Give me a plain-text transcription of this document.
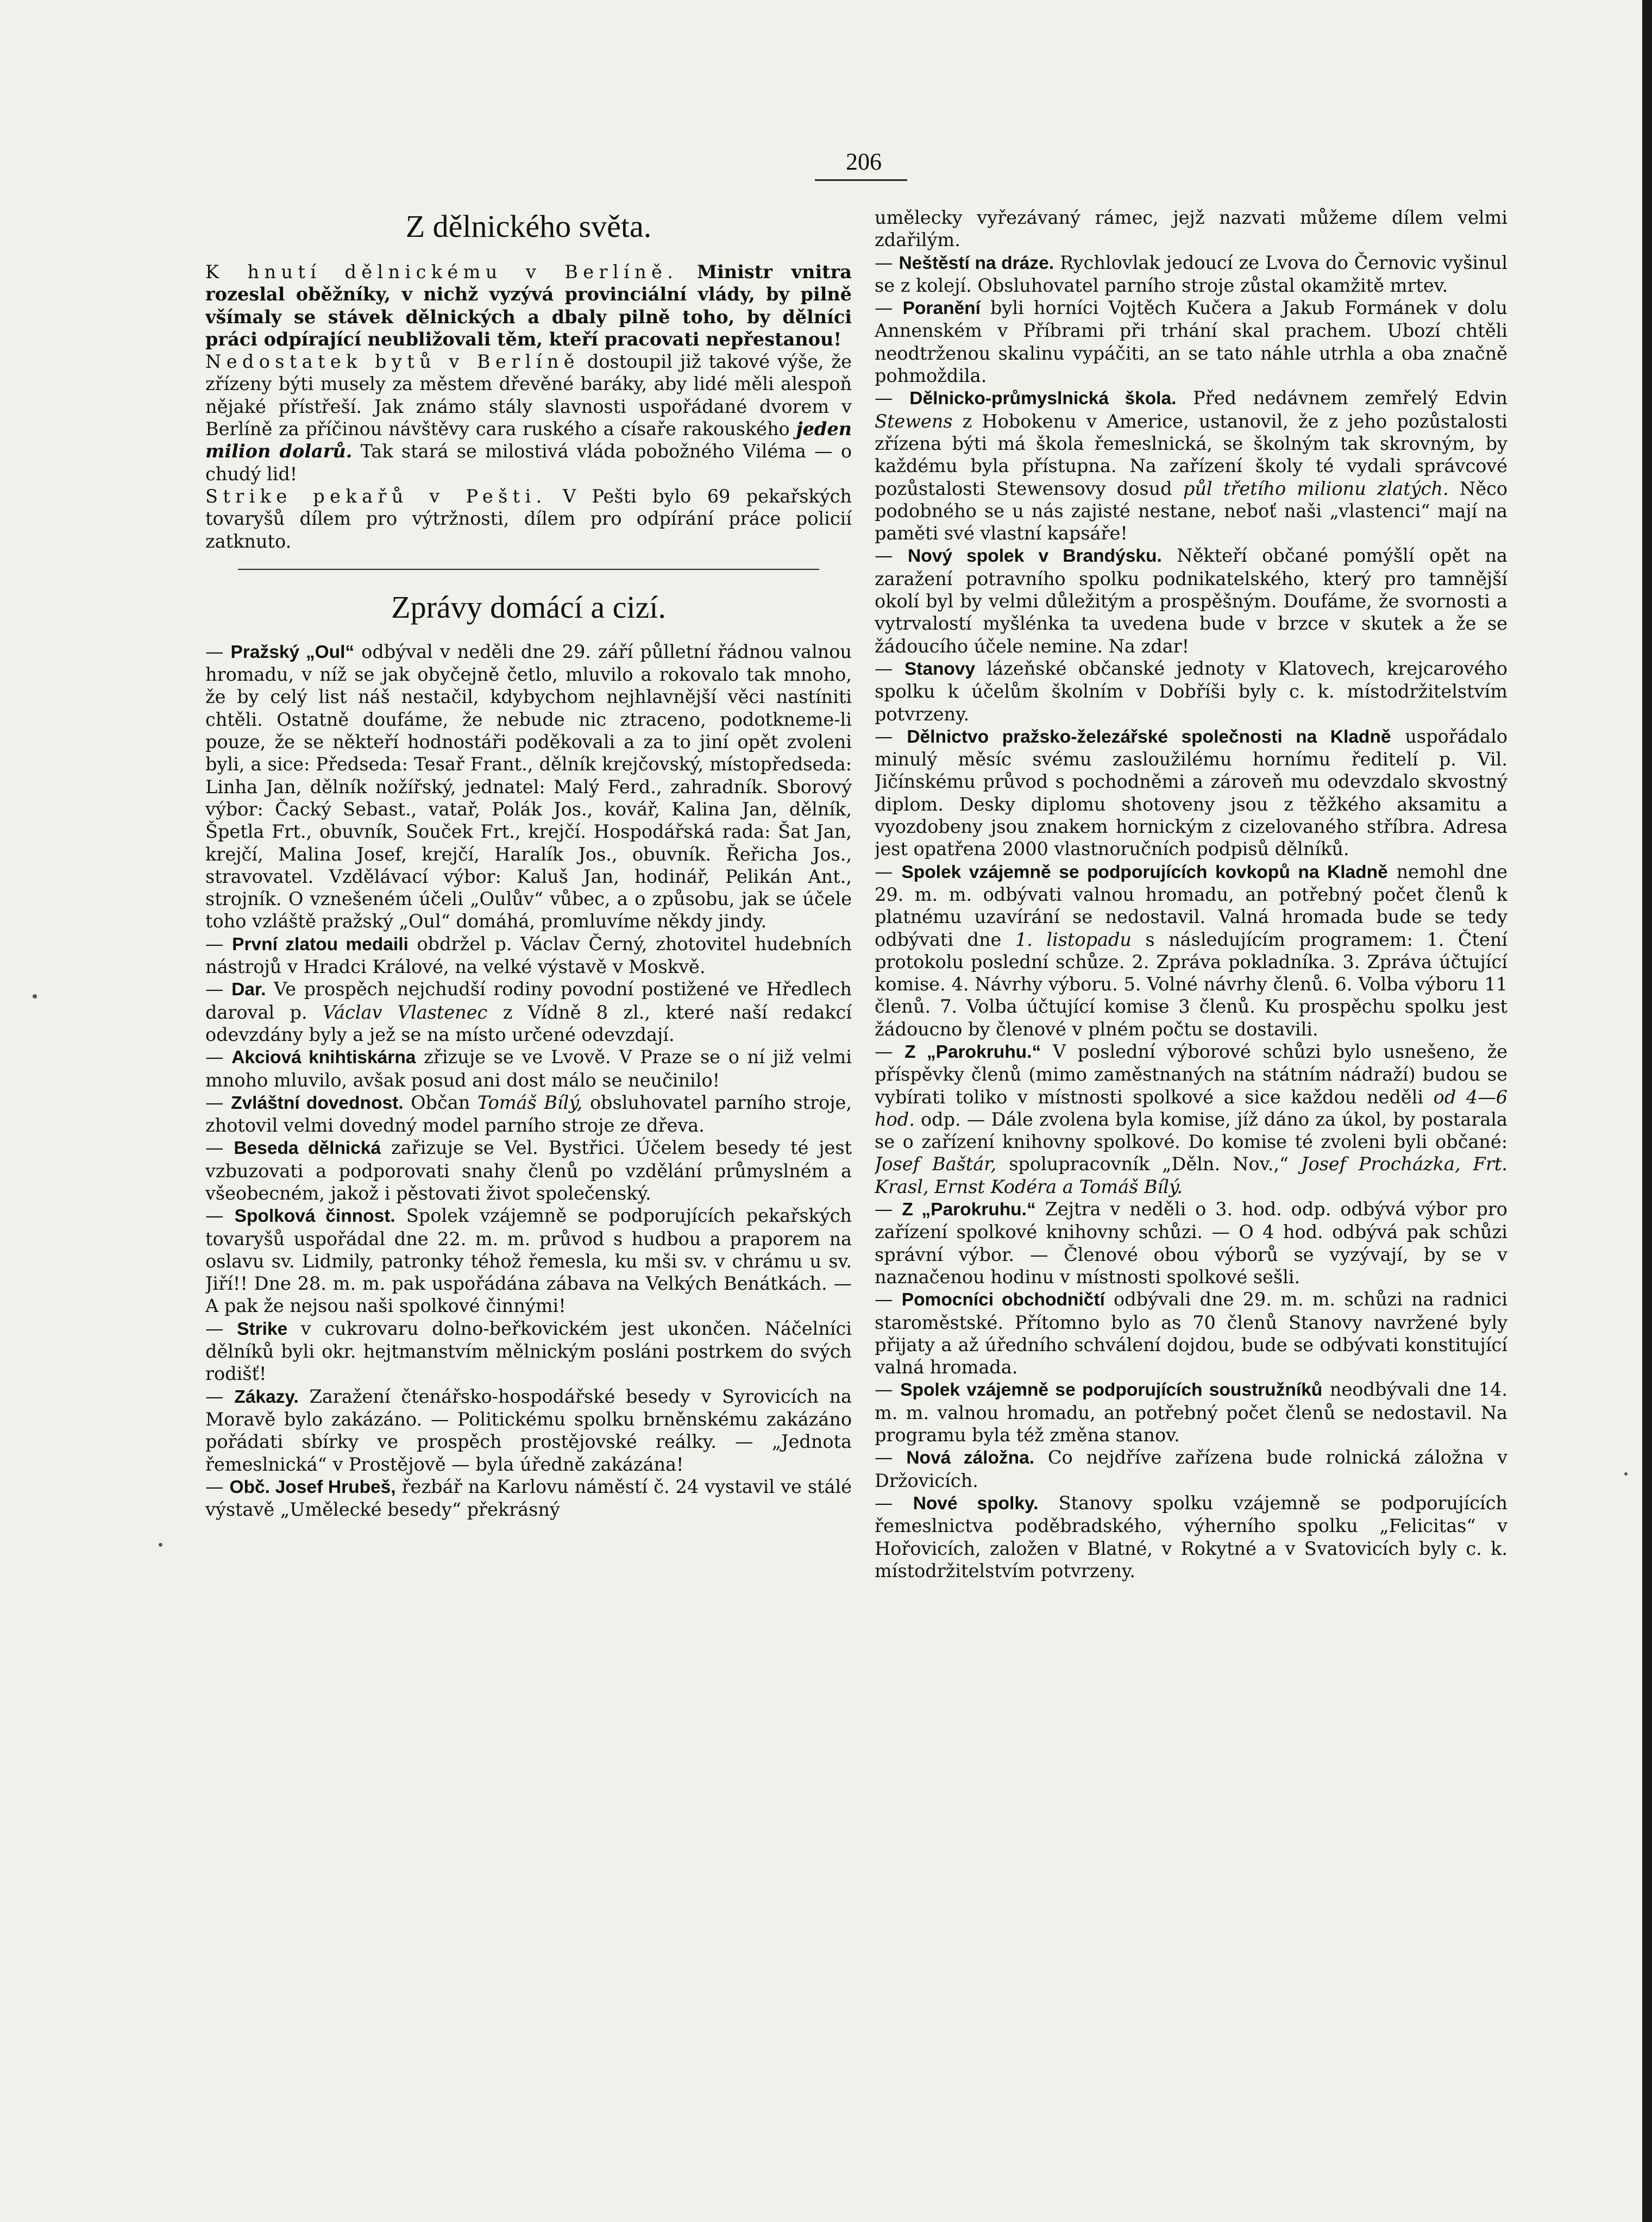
206
Z dělnického světa.

K hnutí dělnickému v Berlíně. Ministr vnitra rozeslal oběžníky, v nichž vyzývá provinciální vlády, by pilně všímaly se stávek dělnických a dbaly pilně toho, by dělníci práci odpírající neubližovali těm, kteří pracovati nepřestanou!

Nedostatek bytů v Berlíně dostoupil již takové výše, že zřízeny býti musely za městem dřevěné baráky, aby lidé měli alespoň nějaké přístřeší. Jak známo stály slavnosti uspořádané dvorem v Berlíně za příčinou návštěvy cara ruského a císaře rakouského jeden milion dolarů. Tak stará se milostivá vláda pobožného Viléma — o chudý lid!

Strike pekařů v Pešti. V Pešti bylo 69 pekařských tovaryšů dílem pro výtržnosti, dílem pro odpírání práce policií zatknuto.

Zprávy domácí a cizí.

— Pražský „Oul“ odbýval v neděli dne 29. září půlletní řádnou valnou hromadu, v níž se jak obyčejně četlo, mluvilo a rokovalo tak mnoho, že by celý list náš nestačil, kdybychom nejhlavnější věci nastíniti chtěli. Ostatně doufáme, že nebude nic ztraceno, podotkneme-li pouze, že se někteří hodnostáři poděkovali a za to jiní opět zvoleni byli, a sice: Předseda: Tesař Frant., dělník krejčovský, místopředseda: Linha Jan, dělník nožířský, jednatel: Malý Ferd., zahradník. Sborový výbor: Čacký Sebast., vatař, Polák Jos., kovář, Kalina Jan, dělník, Špetla Frt., obuvník, Souček Frt., krejčí. Hospodářská rada: Šat Jan, krejčí, Malina Josef, krejčí, Haralík Jos., obuvník. Řeřicha Jos., stravovatel. Vzdělávací výbor: Kaluš Jan, hodinář, Pelikán Ant., strojník. O vznešeném účeli „Oulův“ vůbec, a o způsobu, jak se účele toho vzláště pražský „Oul“ domáhá, promluvíme někdy jindy.

— První zlatou medaili obdržel p. Václav Černý, zhotovitel hudebních nástrojů v Hradci Králové, na velké výstavě v Moskvě.

— Dar. Ve prospěch nejchudší rodiny povodní postižené ve Hředlech daroval p. Václav Vlastenec z Vídně 8 zl., které naší redakcí odevzdány byly a jež se na místo určené odevzdají.

— Akciová knihtiskárna zřizuje se ve Lvově. V Praze se o ní již velmi mnoho mluvilo, avšak posud ani dost málo se neučinilo!

— Zvláštní dovednost. Občan Tomáš Bílý, obsluhovatel parního stroje, zhotovil velmi dovedný model parního stroje ze dřeva.

— Beseda dělnická zařizuje se Vel. Bystřici. Účelem besedy té jest vzbuzovati a podporovati snahy členů po vzdělání průmyslném a všeobecném, jakož i pěstovati život společenský.

— Spolková činnost. Spolek vzájemně se podporujících pekařských tovaryšů uspořádal dne 22. m. m. průvod s hudbou a praporem na oslavu sv. Lidmily, patronky téhož řemesla, ku mši sv. v chrámu u sv. Jiří!! Dne 28. m. m. pak uspořádána zábava na Velkých Benátkách. — A pak že nejsou naši spolkové činnými!

— Strike v cukrovaru dolno-beřkovickém jest ukončen. Náčelníci dělníků byli okr. hejtmanstvím mělnickým posláni postrkem do svých rodišť!

— Zákazy. Zaražení čtenářsko-hospodářské besedy v Syrovicích na Moravě bylo zakázáno. — Politickému spolku brněnskému zakázáno pořádati sbírky ve prospěch prostějovské reálky. — „Jednota řemeslnická“ v Prostějově — byla úředně zakázána!

— Obč. Josef Hrubeš, řezbář na Karlovu náměstí č. 24 vystavil ve stálé výstavě „Umělecké besedy“ překrásný

umělecky vyřezávaný rámec, jejž nazvati můžeme dílem velmi zdařilým.

— Neštěstí na dráze. Rychlovlak jedoucí ze Lvova do Černovic vyšinul se z kolejí. Obsluhovatel parního stroje zůstal okamžitě mrtev.

— Poranění byli horníci Vojtěch Kučera a Jakub Formánek v dolu Annenském v Příbrami při trhání skal prachem. Ubozí chtěli neodtrženou skalinu vypáčiti, an se tato náhle utrhla a oba značně pohmoždila.

— Dělnicko-průmyslnická škola. Před nedávnem zemřelý Edvin Stewens z Hobokenu v Americe, ustanovil, že z jeho pozůstalosti zřízena býti má škola řemeslnická, se školným tak skrovným, by každému byla přístupna. Na zařízení školy té vydali správcové pozůstalosti Stewensovy dosud půl třetího milionu zlatých. Něco podobného se u nás zajisté nestane, neboť naši „vlastenci“ mají na paměti své vlastní kapsáře!

— Nový spolek v Brandýsku. Někteří občané pomýšlí opět na zaražení potravního spolku podnikatelského, který pro tamnější okolí byl by velmi důležitým a prospěšným. Doufáme, že svornosti a vytrvalostí myšlénka ta uvedena bude v brzce v skutek a že se žádoucího účele nemine. Na zdar!

— Stanovy lázeňské občanské jednoty v Klatovech, krejcarového spolku k účelům školním v Dobříši byly c. k. místodržitelstvím potvrzeny.

— Dělnictvo pražsko-železářské společnosti na Kladně uspořádalo minulý měsíc svému zasloužilému hornímu ředitelí p. Vil. Jičínskému průvod s pochodněmi a zároveň mu odevzdalo skvostný diplom. Desky diplomu shotoveny jsou z těžkého aksamitu a vyozdobeny jsou znakem hornickým z cizelovaného stříbra. Adresa jest opatřena 2000 vlastnoručních podpisů dělníků.

— Spolek vzájemně se podporujících kovkopů na Kladně nemohl dne 29. m. m. odbývati valnou hromadu, an potřebný počet členů k platnému uzavírání se nedostavil. Valná hromada bude se tedy odbývati dne 1. listopadu s následujícím programem: 1. Čtení protokolu poslední schůze. 2. Zpráva pokladníka. 3. Zpráva účtující komise. 4. Návrhy výboru. 5. Volné návrhy členů. 6. Volba výboru 11 členů. 7. Volba účtující komise 3 členů. Ku prospěchu spolku jest žádoucno by členové v plném počtu se dostavili.

— Z „Parokruhu.“ V poslední výborové schůzi bylo usnešeno, že příspěvky členů (mimo zaměstnaných na státním nádraží) budou se vybírati toliko v místnosti spolkové a sice každou neděli od 4—6 hod. odp. — Dále zvolena byla komise, jíž dáno za úkol, by postarala se o zařízení knihovny spolkové. Do komise té zvoleni byli občané: Josef Baštár, spolupracovník „Děln. Nov.,“ Josef Procházka, Frt. Krasl, Ernst Kodéra a Tomáš Bílý.

— Z „Parokruhu.“ Zejtra v neděli o 3. hod. odp. odbývá výbor pro zařízení spolkové knihovny schůzi. — O 4 hod. odbývá pak schůzi správní výbor. — Členové obou výborů se vyzývají, by se v naznačenou hodinu v místnosti spolkové sešli.

— Pomocníci obchodničtí odbývali dne 29. m. m. schůzi na radnici staroměstské. Přítomno bylo as 70 členů Stanovy navržené byly přijaty a až úředního schválení dojdou, bude se odbývati konstitující valná hromada.

— Spolek vzájemně se podporujících soustružníků neodbývali dne 14. m. m. valnou hromadu, an potřebný počet členů se nedostavil. Na programu byla též změna stanov.

— Nová záložna. Co nejdříve zařízena bude rolnická záložna v Držovicích.

— Nové spolky. Stanovy spolku vzájemně se podporujících řemeslnictva poděbradského, výherního spolku „Felicitas“ v Hořovicích, založen v Blatné, v Rokytné a v Svatovicích byly c. k. místodržitelstvím potvrzeny.
